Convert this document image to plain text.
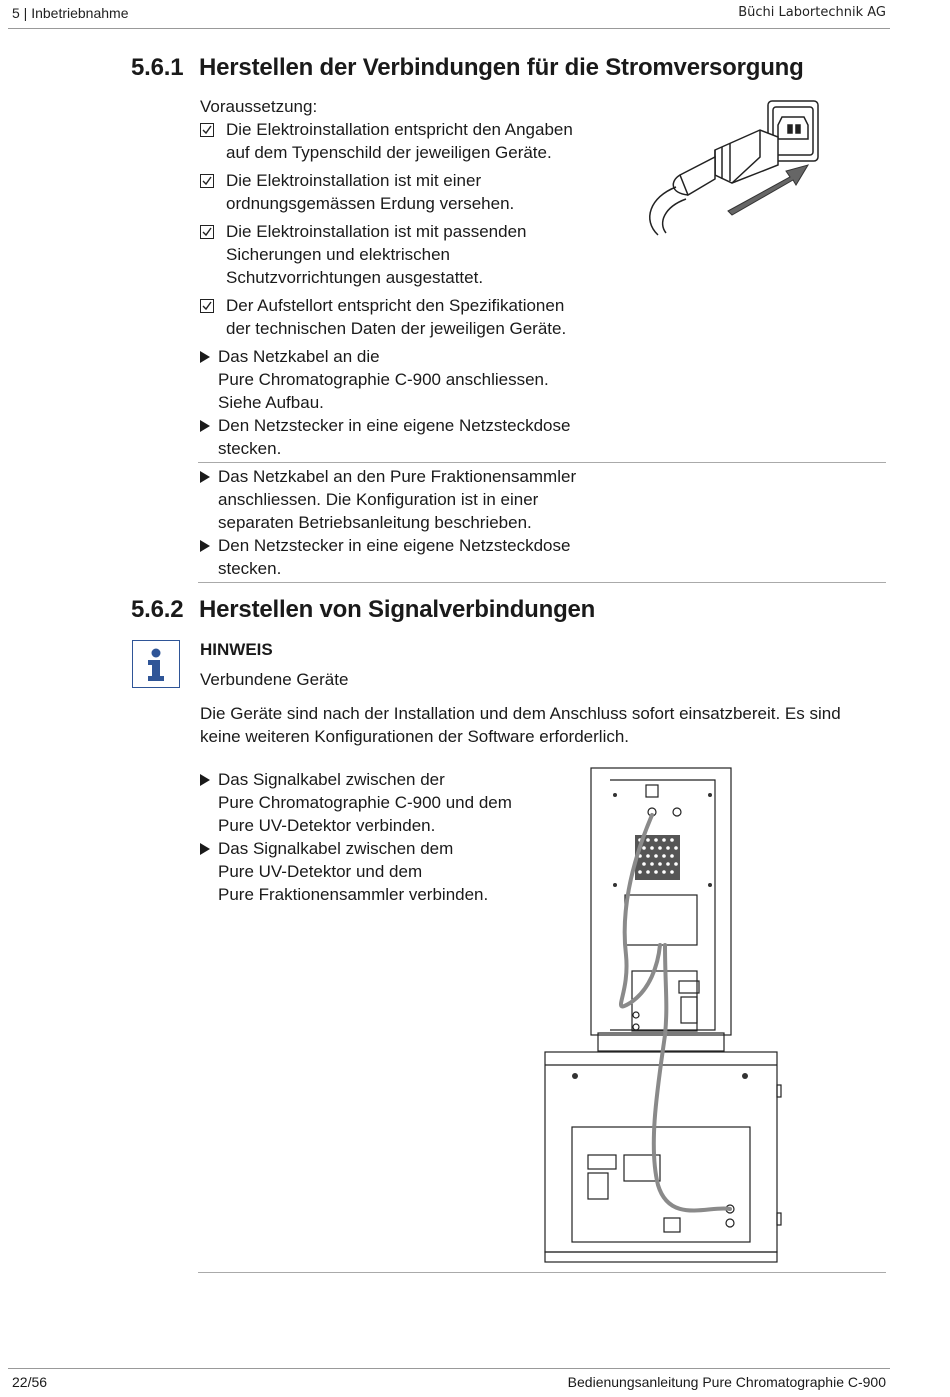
5 | Inbetriebnahme	Büchi Labortechnik AG
5.6.1 Herstellen der Verbindungen für die Stromversorgung
Voraussetzung:
Die Elektroinstallation entspricht den Angaben
auf dem Typenschild der jeweiligen Geräte.
Die Elektroinstallation ist mit einer
ordnungsgemässen Erdung versehen.
Die Elektroinstallation ist mit passenden
Sicherungen und elektrischen
Schutzvorrichtungen ausgestattet.
Der Aufstellort entspricht den Spezifikationen
der technischen Daten der jeweiligen Geräte.
Das Netzkabel an die
Pure Chromatographie C-900 anschliessen.
Siehe Aufbau.
Den Netzstecker in eine eigene Netzsteckdose
stecken.
Das Netzkabel an den Pure Fraktionensammler
anschliessen. Die Konfiguration ist in einer
separaten Betriebsanleitung beschrieben.
Den Netzstecker in eine eigene Netzsteckdose
stecken.
5.6.2 Herstellen von Signalverbindungen
HINWEIS
Verbundene Geräte
Die Geräte sind nach der Installation und dem Anschluss sofort einsatzbereit. Es sind keine weiteren Konfigurationen der Software erforderlich.
Das Signalkabel zwischen der
Pure Chromatographie C-900 und dem
Pure UV-Detektor verbinden.
Das Signalkabel zwischen dem
Pure UV-Detektor und dem
Pure Fraktionensammler verbinden.
22/56	Bedienungsanleitung Pure Chromatographie C-900
